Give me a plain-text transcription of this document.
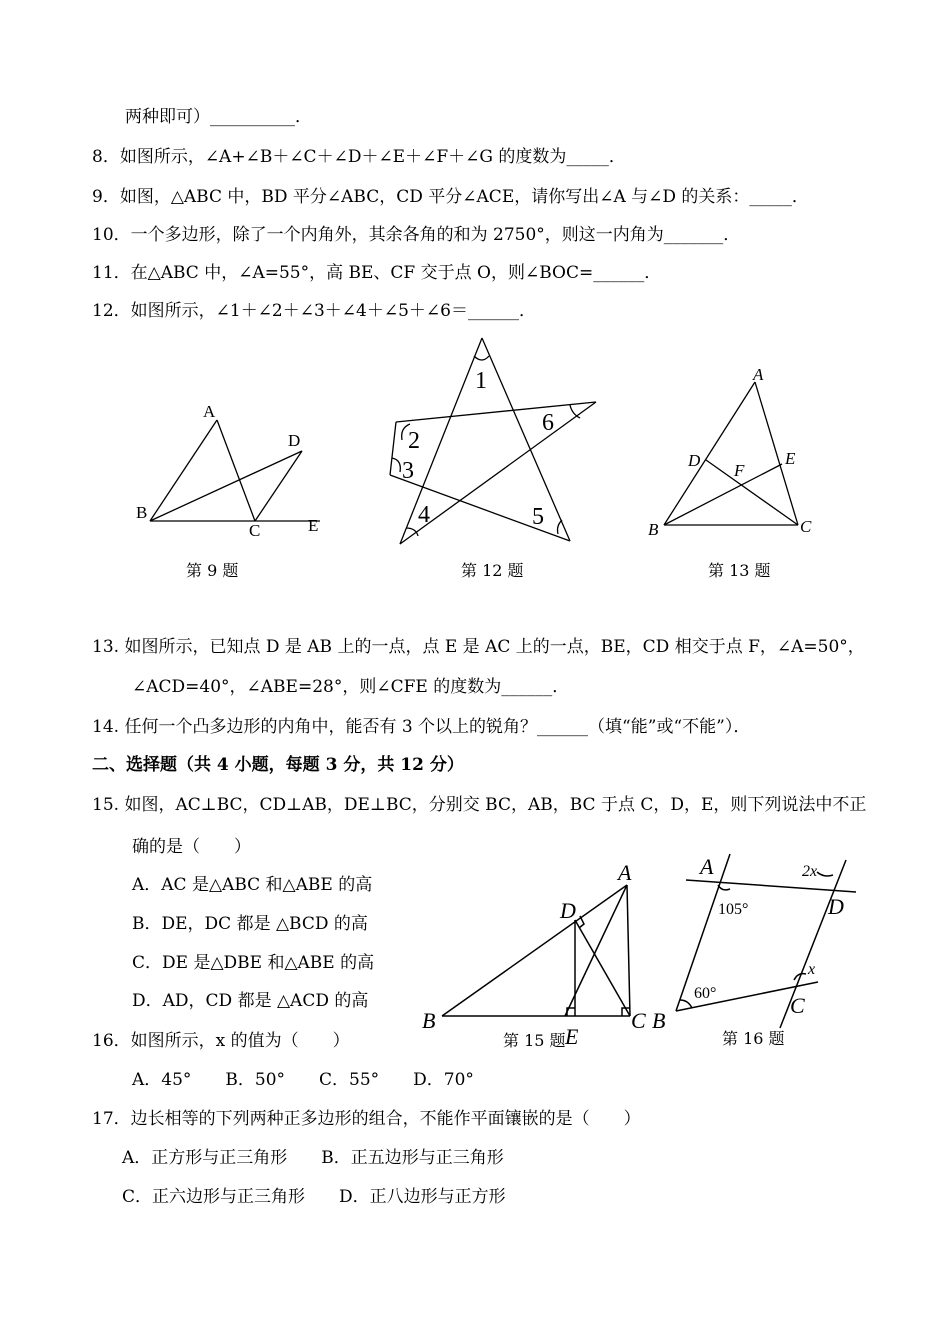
两种即可）__________．
8．如图所示，∠A+∠B＋∠C＋∠D＋∠E＋∠F＋∠G 的度数为_____．
9．如图，△ABC 中，BD 平分∠ABC，CD 平分∠ACE，请你写出∠A 与∠D 的关系：_____．
10．一个多边形，除了一个内角外，其余各角的和为 2750°，则这一内角为_______．
11．在△ABC 中，∠A=55°，高 BE、CF 交于点 O，则∠BOC=______．
12．如图所示，∠1＋∠2＋∠3＋∠4＋∠5＋∠6＝______．
A
B
C
D
E
第 9 题
1
2
3
4	5
6
第 12 题
A
B	C
D	E
F
第 13 题
13. 如图所示，已知点 D 是 AB 上的一点，点 E 是 AC 上的一点，BE，CD 相交于点 F，∠A=50°，
∠ACD=40°，∠ABE=28°，则∠CFE 的度数为______．
14. 任何一个凸多边形的内角中，能否有 3 个以上的锐角？______（填“能”或“不能”）．
二、选择题（共 4 小题，每题 3 分，共 12 分）
15. 如图，AC⊥BC，CD⊥AB，DE⊥BC，分别交 BC，AB，BC 于点 C，D，E，则下列说法中不正
确的是（　　）
A．AC 是△ABC 和△ABE 的高
B．DE，DC 都是 △BCD 的高
C．DE 是△DBE 和△ABE 的高
D．AD，CD 都是 △ACD 的高
16．如图所示，x 的值为（　　）
A．45°　　B．50°　　C．55°　　D．70°
17．边长相等的下列两种正多边形的组合，不能作平面镶嵌的是（　　）
A．正方形与正三角形　　B．正五边形与正三角形
C．正六边形与正三角形　　D．正八边形与正方形
A
B	C
D
E
第 15 题
A
B
C
D
105°
60°
2x
x
第 16 题
